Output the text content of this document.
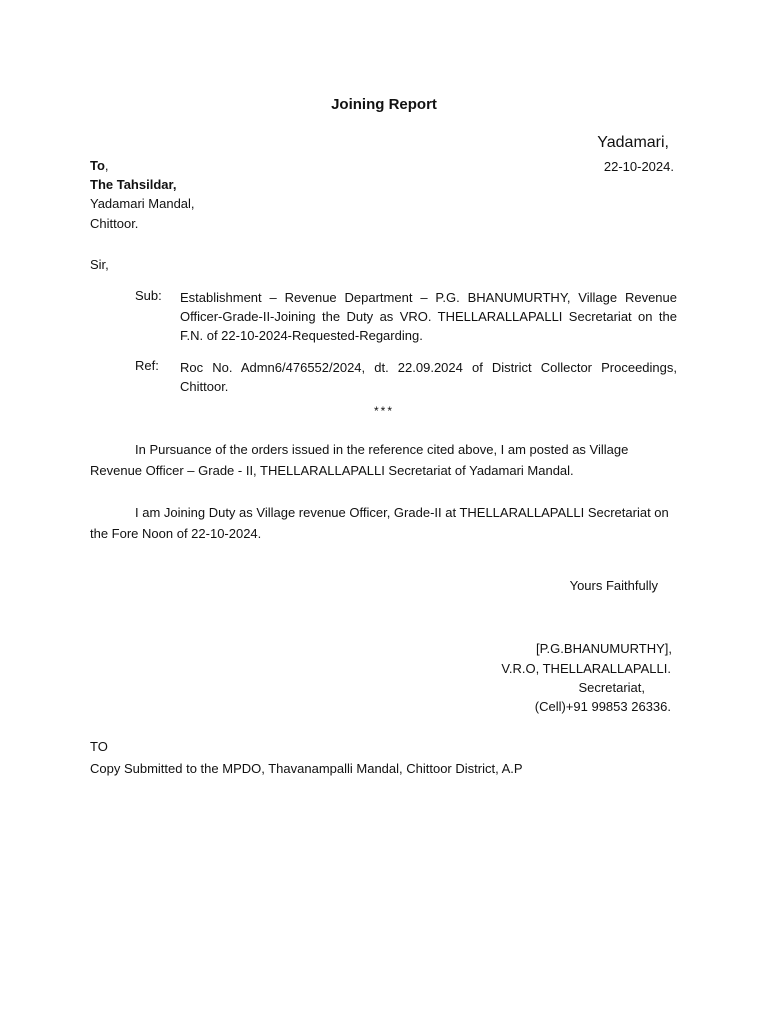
Joining Report
Yadamari,
22-10-2024.
To,
The Tahsildar,
Yadamari Mandal,
Chittoor.
Sir,
Sub: Establishment – Revenue Department – P.G. BHANUMURTHY, Village Revenue Officer-Grade-II-Joining the Duty as VRO. THELLARALLAPALLI Secretariat on the F.N. of 22-10-2024-Requested-Regarding.
Ref: Roc No. Admn6/476552/2024, dt. 22.09.2024 of District Collector Proceedings, Chittoor.
***
In Pursuance of the orders issued in the reference cited above, I am posted as Village Revenue Officer – Grade - II, THELLARALLAPALLI Secretariat of Yadamari Mandal.
I am Joining Duty as Village revenue Officer, Grade-II at THELLARALLAPALLI Secretariat on the Fore Noon of 22-10-2024.
Yours Faithfully
[P.G.BHANUMURTHY],
V.R.O, THELLARALLAPALLI.
Secretariat,
(Cell)+91 99853 26336.
TO
Copy Submitted to the MPDO, Thavanampalli Mandal, Chittoor District, A.P
